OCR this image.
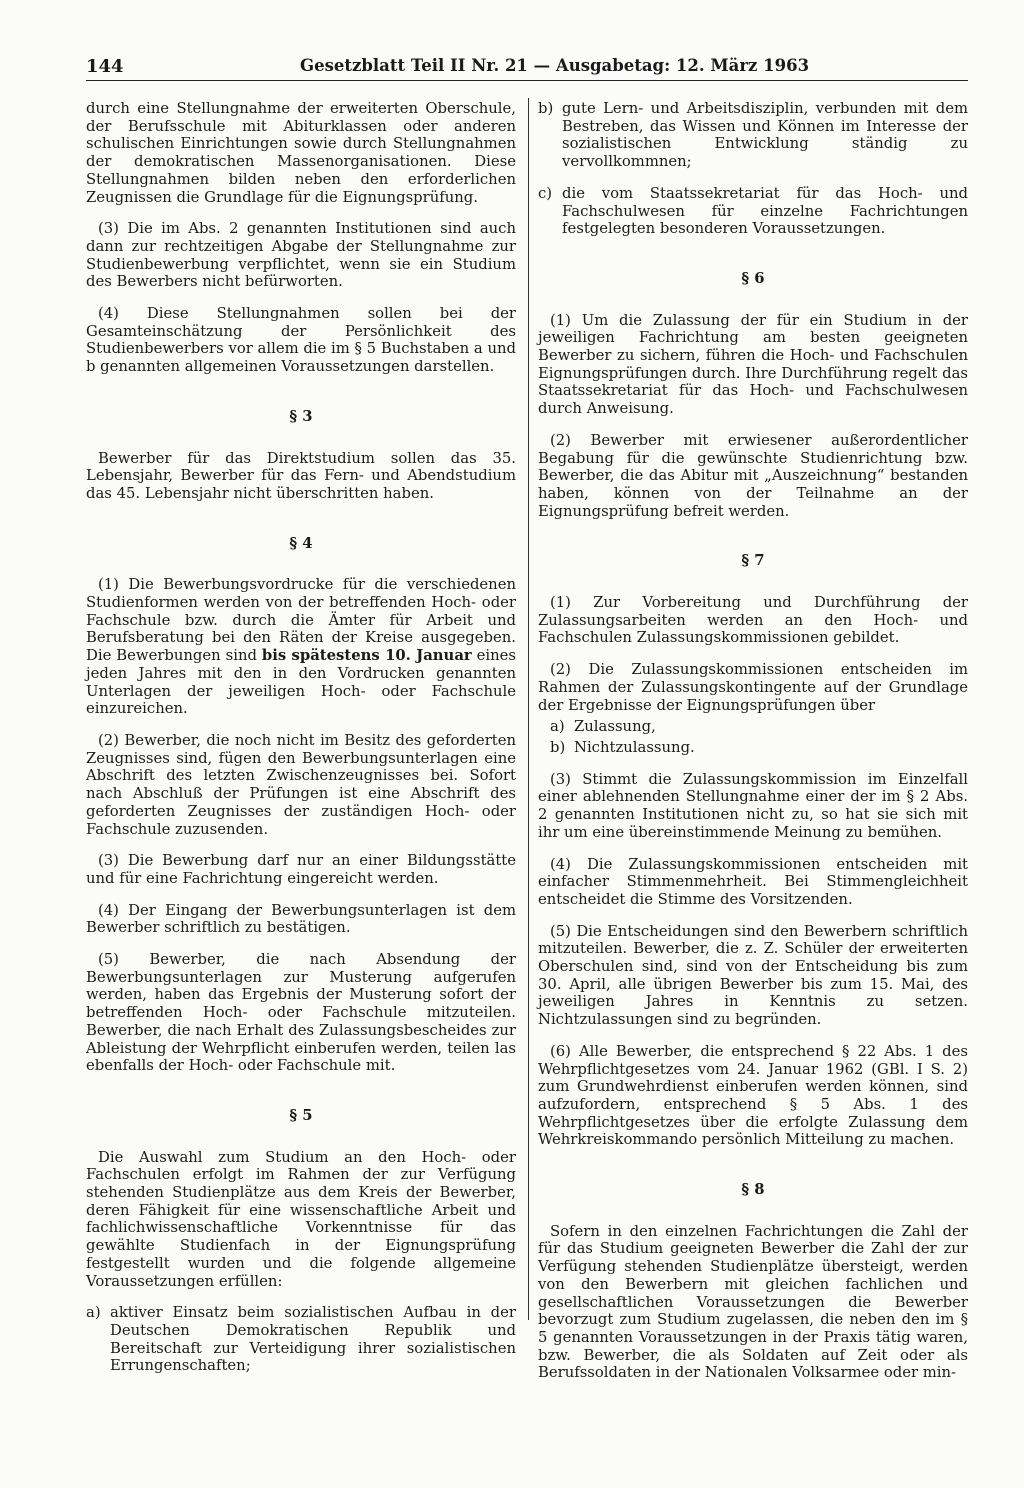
144	Gesetzblatt Teil II Nr. 21 — Ausgabetag: 12. März 1963

durch eine Stellungnahme der erweiterten Oberschule, der Berufsschule mit Abiturklassen oder anderen schulischen Einrichtungen sowie durch Stellungnahmen der demokratischen Massenorganisationen. Diese Stellungnahmen bilden neben den erforderlichen Zeugnissen die Grundlage für die Eignungsprüfung.

(3) Die im Abs. 2 genannten Institutionen sind auch dann zur rechtzeitigen Abgabe der Stellungnahme zur Studienbewerbung verpflichtet, wenn sie ein Studium des Bewerbers nicht befürworten.

(4) Diese Stellungnahmen sollen bei der Gesamteinschätzung der Persönlichkeit des Studienbewerbers vor allem die im § 5 Buchstaben a und b genannten allgemeinen Voraussetzungen darstellen.

§ 3

Bewerber für das Direktstudium sollen das 35. Lebensjahr, Bewerber für das Fern- und Abendstudium das 45. Lebensjahr nicht überschritten haben.

§ 4

(1) Die Bewerbungsvordrucke für die verschiedenen Studienformen werden von der betreffenden Hoch- oder Fachschule bzw. durch die Ämter für Arbeit und Berufsberatung bei den Räten der Kreise ausgegeben. Die Bewerbungen sind bis spätestens 10. Januar eines jeden Jahres mit den in den Vordrucken genannten Unterlagen der jeweiligen Hoch- oder Fachschule einzureichen.

(2) Bewerber, die noch nicht im Besitz des geforderten Zeugnisses sind, fügen den Bewerbungsunterlagen eine Abschrift des letzten Zwischenzeugnisses bei. Sofort nach Abschluß der Prüfungen ist eine Abschrift des geforderten Zeugnisses der zuständigen Hoch- oder Fachschule zuzusenden.

(3) Die Bewerbung darf nur an einer Bildungsstätte und für eine Fachrichtung eingereicht werden.

(4) Der Eingang der Bewerbungsunterlagen ist dem Bewerber schriftlich zu bestätigen.

(5) Bewerber, die nach Absendung der Bewerbungsunterlagen zur Musterung aufgerufen werden, haben das Ergebnis der Musterung sofort der betreffenden Hoch- oder Fachschule mitzuteilen. Bewerber, die nach Erhalt des Zulassungsbescheides zur Ableistung der Wehrpflicht einberufen werden, teilen las ebenfalls der Hoch- oder Fachschule mit.

§ 5

Die Auswahl zum Studium an den Hoch- oder Fachschulen erfolgt im Rahmen der zur Verfügung stehenden Studienplätze aus dem Kreis der Bewerber, deren Fähigkeit für eine wissenschaftliche Arbeit und fachlichwissenschaftliche Vorkenntnisse für das gewählte Studienfach in der Eignungsprüfung festgestellt wurden und die folgende allgemeine Voraussetzungen erfüllen:

a) aktiver Einsatz beim sozialistischen Aufbau in der Deutschen Demokratischen Republik und Bereitschaft zur Verteidigung ihrer sozialistischen Errungenschaften;
b) gute Lern- und Arbeitsdisziplin, verbunden mit dem Bestreben, das Wissen und Können im Interesse der sozialistischen Entwicklung ständig zu vervollkommnen;
c) die vom Staatssekretariat für das Hoch- und Fachschulwesen für einzelne Fachrichtungen festgelegten besonderen Voraussetzungen.
§ 6

(1) Um die Zulassung der für ein Studium in der jeweiligen Fachrichtung am besten geeigneten Bewerber zu sichern, führen die Hoch- und Fachschulen Eignungsprüfungen durch. Ihre Durchführung regelt das Staatssekretariat für das Hoch- und Fachschulwesen durch Anweisung.

(2) Bewerber mit erwiesener außerordentlicher Begabung für die gewünschte Studienrichtung bzw. Bewerber, die das Abitur mit „Auszeichnung“ bestanden haben, können von der Teilnahme an der Eignungsprüfung befreit werden.

§ 7

(1) Zur Vorbereitung und Durchführung der Zulassungsarbeiten werden an den Hoch- und Fachschulen Zulassungskommissionen gebildet.

(2) Die Zulassungskommissionen entscheiden im Rahmen der Zulassungskontingente auf der Grundlage der Ergebnisse der Eignungsprüfungen über

a) Zulassung,
b) Nichtzulassung.

(3) Stimmt die Zulassungskommission im Einzelfall einer ablehnenden Stellungnahme einer der im § 2 Abs. 2 genannten Institutionen nicht zu, so hat sie sich mit ihr um eine übereinstimmende Meinung zu bemühen.

(4) Die Zulassungskommissionen entscheiden mit einfacher Stimmenmehrheit. Bei Stimmengleichheit entscheidet die Stimme des Vorsitzenden.

(5) Die Entscheidungen sind den Bewerbern schriftlich mitzuteilen. Bewerber, die z. Z. Schüler der erweiterten Oberschulen sind, sind von der Entscheidung bis zum 30. April, alle übrigen Bewerber bis zum 15. Mai, des jeweiligen Jahres in Kenntnis zu setzen. Nichtzulassungen sind zu begründen.

(6) Alle Bewerber, die entsprechend § 22 Abs. 1 des Wehrpflichtgesetzes vom 24. Januar 1962 (GBl. I S. 2) zum Grundwehrdienst einberufen werden können, sind aufzufordern, entsprechend § 5 Abs. 1 des Wehrpflichtgesetzes über die erfolgte Zulassung dem Wehrkreiskommando persönlich Mitteilung zu machen.

§ 8

Sofern in den einzelnen Fachrichtungen die Zahl der für das Studium geeigneten Bewerber die Zahl der zur Verfügung stehenden Studienplätze übersteigt, werden von den Bewerbern mit gleichen fachlichen und gesellschaftlichen Voraussetzungen die Bewerber bevorzugt zum Studium zugelassen, die neben den im § 5 genannten Voraussetzungen in der Praxis tätig waren, bzw. Bewerber, die als Soldaten auf Zeit oder als Berufssoldaten in der Nationalen Volksarmee oder min-
